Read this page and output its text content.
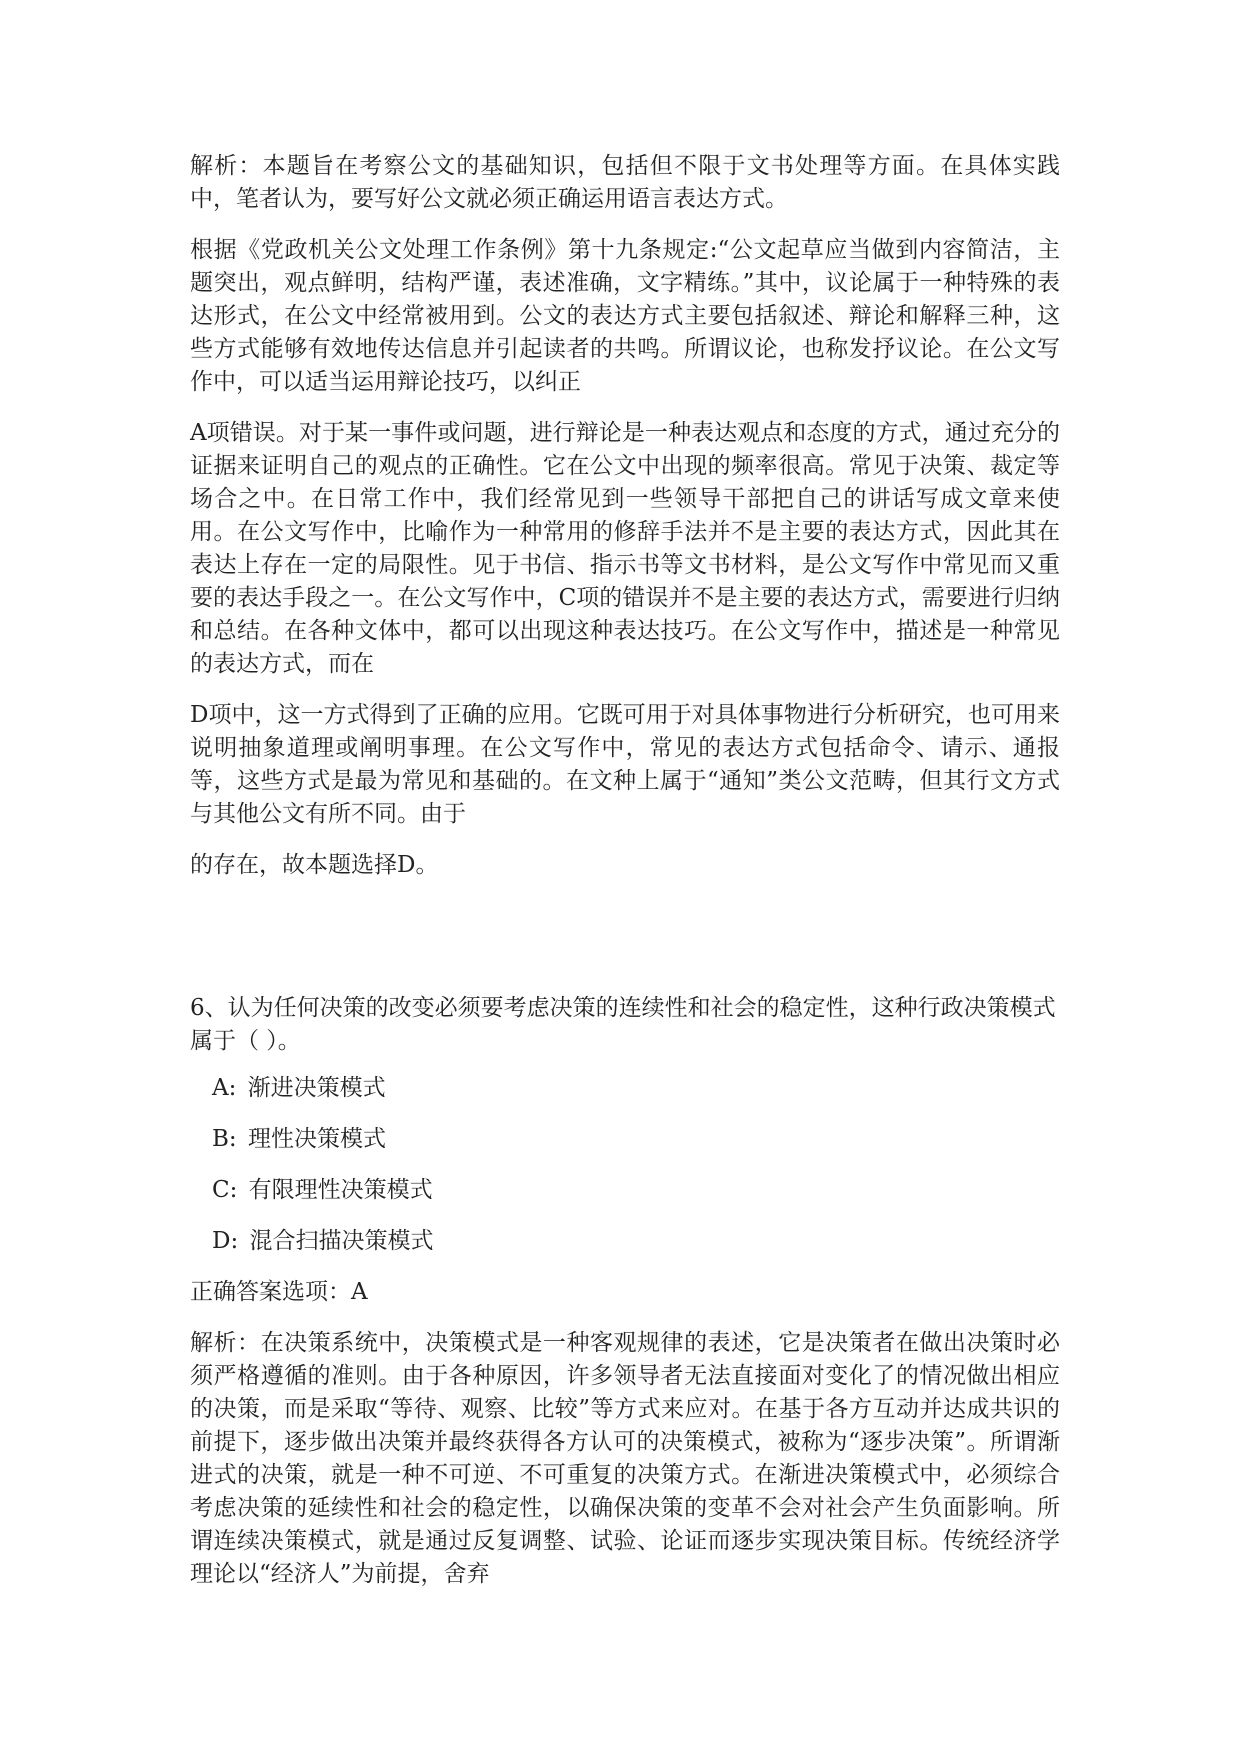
解析：本题旨在考察公文的基础知识，包括但不限于文书处理等方面。在具体实践中，笔者认为，要写好公文就必须正确运用语言表达方式。

根据《党政机关公文处理工作条例》第十九条规定:“公文起草应当做到内容简洁，主题突出，观点鲜明，结构严谨，表述准确，文字精练。”其中，议论属于一种特殊的表达形式，在公文中经常被用到。公文的表达方式主要包括叙述、辩论和解释三种，这些方式能够有效地传达信息并引起读者的共鸣。所谓议论，也称发抒议论。在公文写作中，可以适当运用辩论技巧，以纠正

A项错误。对于某一事件或问题，进行辩论是一种表达观点和态度的方式，通过充分的证据来证明自己的观点的正确性。它在公文中出现的频率很高。常见于决策、裁定等场合之中。在日常工作中，我们经常见到一些领导干部把自己的讲话写成文章来使用。在公文写作中，比喻作为一种常用的修辞手法并不是主要的表达方式，因此其在表达上存在一定的局限性。见于书信、指示书等文书材料，是公文写作中常见而又重要的表达手段之一。在公文写作中，C项的错误并不是主要的表达方式，需要进行归纳和总结。在各种文体中，都可以出现这种表达技巧。在公文写作中，描述是一种常见的表达方式，而在

D项中，这一方式得到了正确的应用。它既可用于对具体事物进行分析研究，也可用来说明抽象道理或阐明事理。在公文写作中，常见的表达方式包括命令、请示、通报等，这些方式是最为常见和基础的。在文种上属于“通知”类公文范畴，但其行文方式与其他公文有所不同。由于

的存在，故本题选择D。

6、认为任何决策的改变必须要考虑决策的连续性和社会的稳定性，这种行政决策模式属于（ ）。

A: 渐进决策模式
B: 理性决策模式
C: 有限理性决策模式
D: 混合扫描决策模式

正确答案选项：A

解析：在决策系统中，决策模式是一种客观规律的表述，它是决策者在做出决策时必须严格遵循的准则。由于各种原因，许多领导者无法直接面对变化了的情况做出相应的决策，而是采取“等待、观察、比较”等方式来应对。在基于各方互动并达成共识的前提下，逐步做出决策并最终获得各方认可的决策模式，被称为“逐步决策”。所谓渐进式的决策，就是一种不可逆、不可重复的决策方式。在渐进决策模式中，必须综合考虑决策的延续性和社会的稳定性，以确保决策的变革不会对社会产生负面影响。所谓连续决策模式，就是通过反复调整、试验、论证而逐步实现决策目标。传统经济学理论以“经济人”为前提，舍弃
